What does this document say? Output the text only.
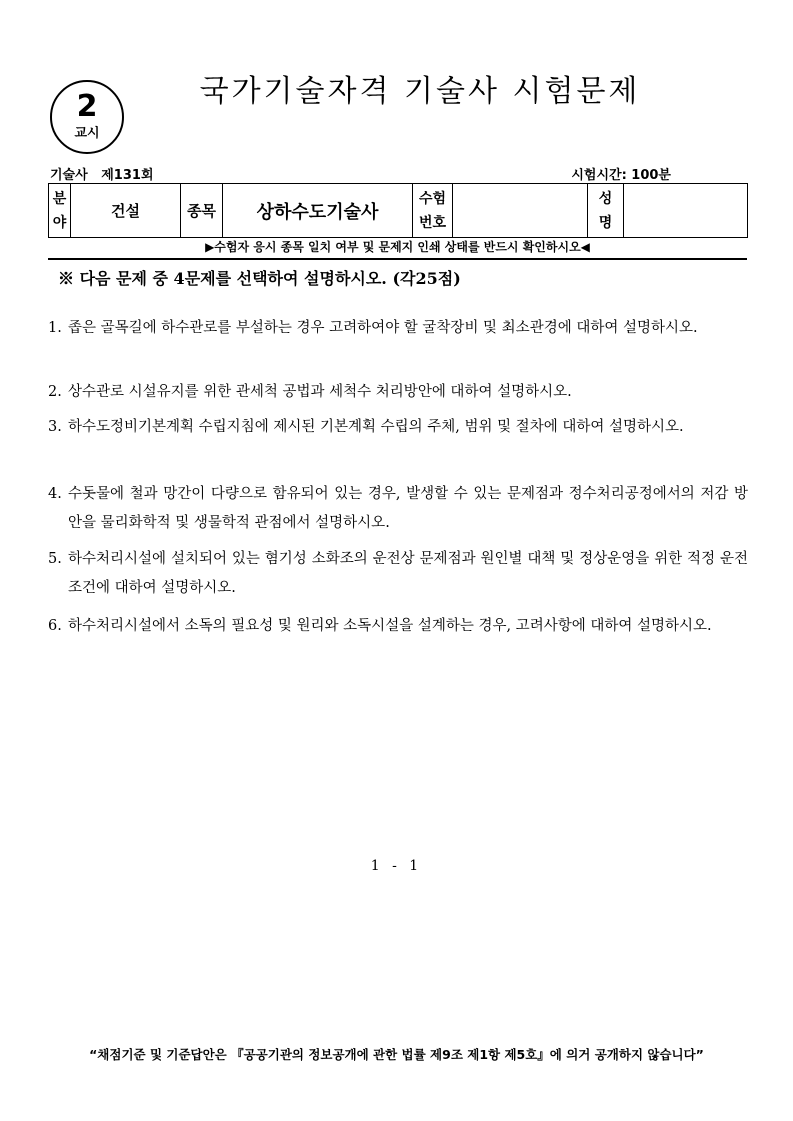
2
교시
국가기술자격 기술사 시험문제
기술사   제131회	시험시간: 100분
분야	건설	종목	상하수도기술사	수험번호		성명	
▶수험자 응시 종목 일치 여부 및 문제지 인쇄 상태를 반드시 확인하시오◀
※ 다음 문제 중 4문제를 선택하여 설명하시오. (각25점)
1. 좁은 골목길에 하수관로를 부설하는 경우 고려하여야 할 굴착장비 및 최소관경에 대하여 설명하시오.
2. 상수관로 시설유지를 위한 관세척 공법과 세척수 처리방안에 대하여 설명하시오.
3. 하수도정비기본계획 수립지침에 제시된 기본계획 수립의 주체, 범위 및 절차에 대하여 설명하시오.
4. 수돗물에 철과 망간이 다량으로 함유되어 있는 경우, 발생할 수 있는 문제점과 정수처리공정에서의 저감 방안을 물리화학적 및 생물학적 관점에서 설명하시오.
5. 하수처리시설에 설치되어 있는 혐기성 소화조의 운전상 문제점과 원인별 대책 및 정상운영을 위한 적정 운전조건에 대하여 설명하시오.
6. 하수처리시설에서 소독의 필요성 및 원리와 소독시설을 설계하는 경우, 고려사항에 대하여 설명하시오.
1 - 1
“채점기준 및 기준답안은 『공공기관의 정보공개에 관한 법률 제9조 제1항 제5호』에 의거 공개하지 않습니다”
